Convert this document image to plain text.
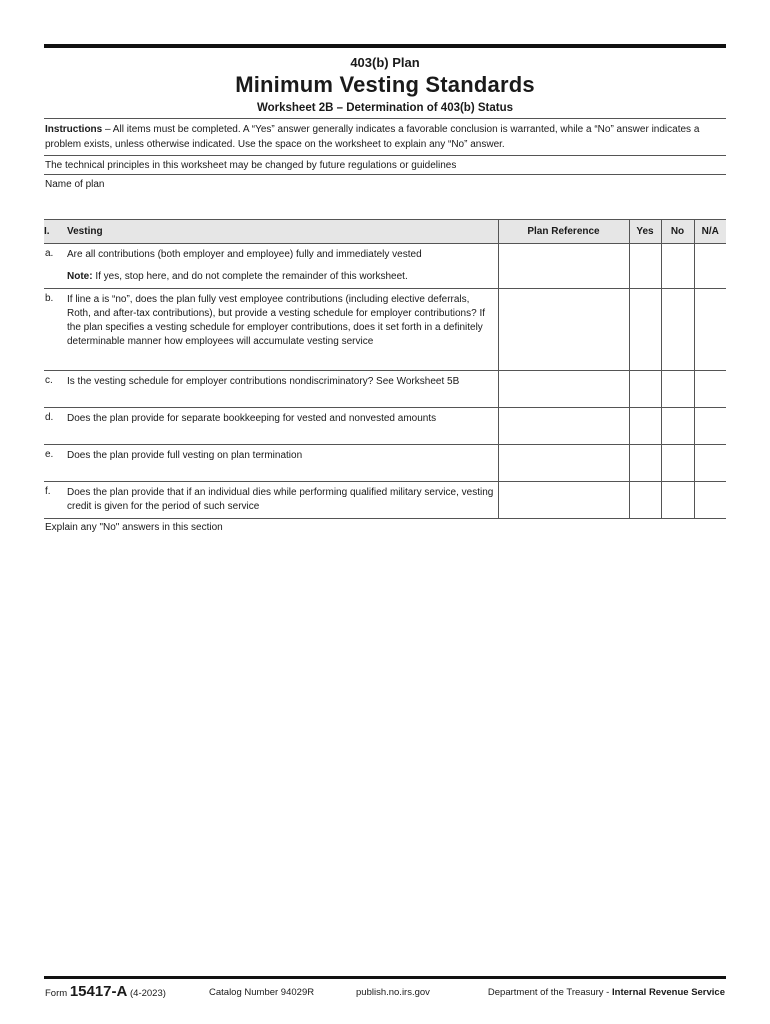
403(b) Plan
Minimum Vesting Standards
Worksheet 2B – Determination of 403(b) Status
Instructions – All items must be completed. A “Yes” answer generally indicates a favorable conclusion is warranted, while a “No” answer indicates a problem exists, unless otherwise indicated. Use the space on the worksheet to explain any “No” answer.
The technical principles in this worksheet may be changed by future regulations or guidelines
Name of plan
I.	Vesting	Plan Reference	Yes	No	N/A
a.	Are all contributions (both employer and employee) fully and immediately vested
Note: If yes, stop here, and do not complete the remainder of this worksheet.				

b.	If line a is “no”, does the plan fully vest employee contributions (including elective deferrals, Roth, and after-tax contributions), but provide a vesting schedule for employer contributions? If the plan specifies a vesting schedule for employer contributions, does it set forth in a definitely determinable manner how employees will accumulate vesting service				
c.	Is the vesting schedule for employer contributions nondiscriminatory? See Worksheet 5B				
d.	Does the plan provide for separate bookkeeping for vested and nonvested amounts				
e.	Does the plan provide full vesting on plan termination				
f.	Does the plan provide that if an individual dies while performing qualified military service, vesting credit is given for the period of such service				
Explain any "No" answers in this section
Form 15417-A (4-2023)	Catalog Number 94029R	publish.no.irs.gov	Department of the Treasury - Internal Revenue Service
